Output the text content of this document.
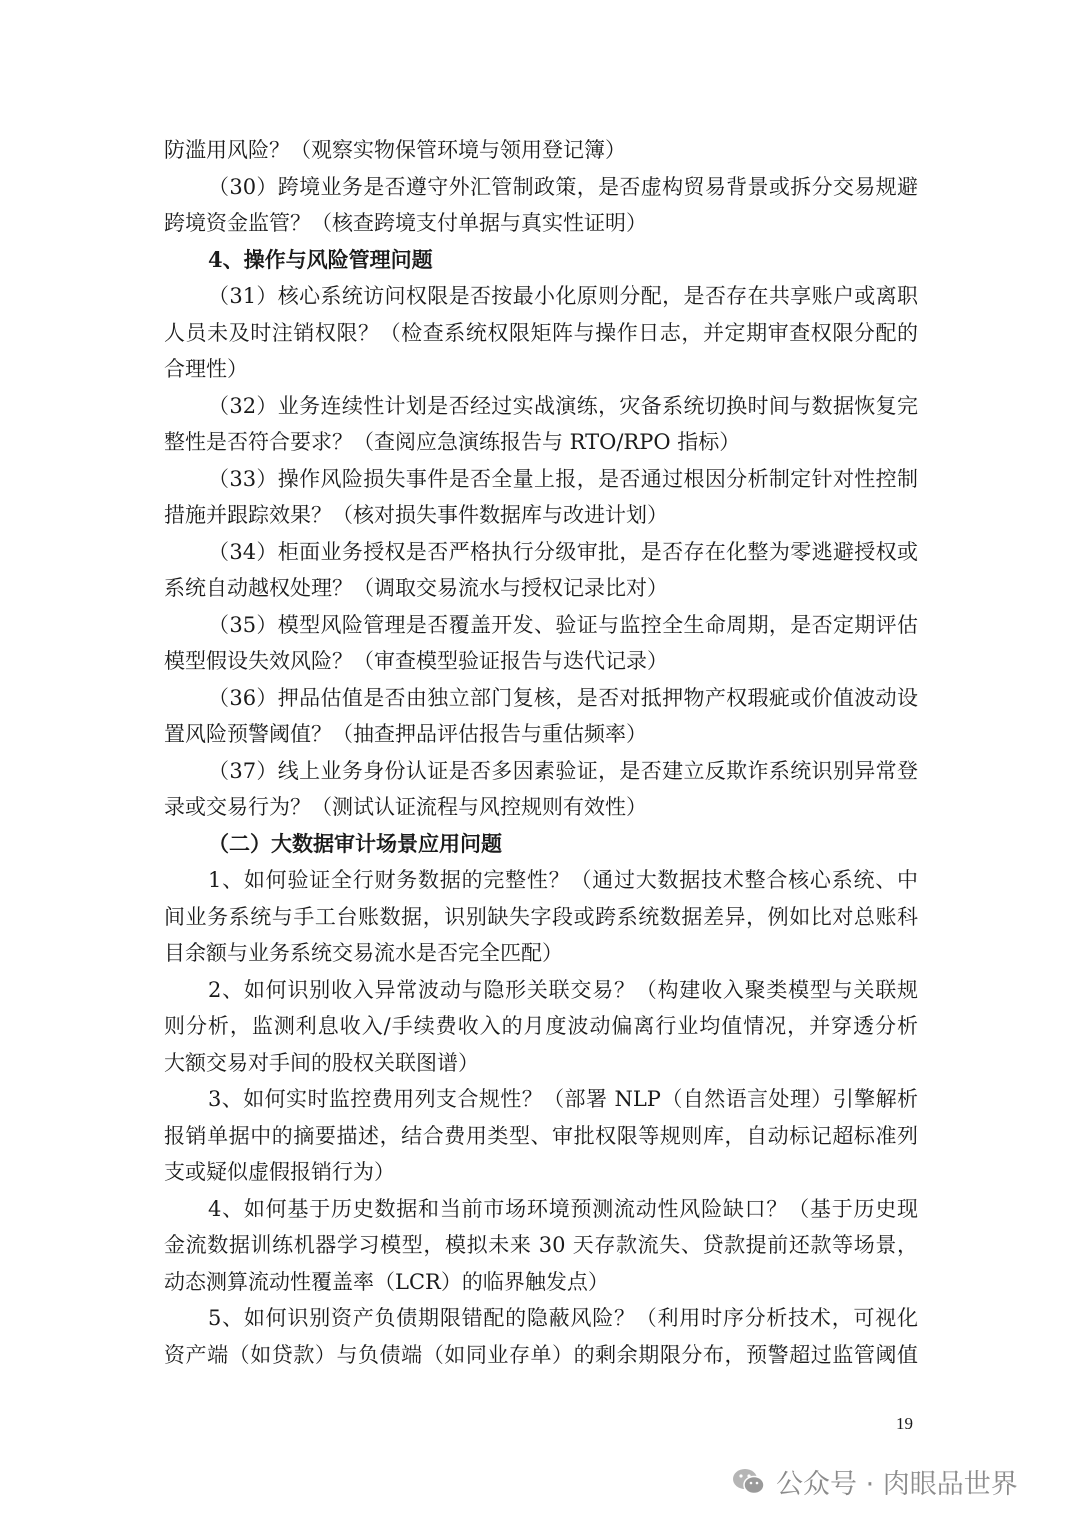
防滥用风险？（观察实物保管环境与领用登记簿）
（30）跨境业务是否遵守外汇管制政策，是否虚构贸易背景或拆分交易规避
跨境资金监管？（核查跨境支付单据与真实性证明）
4、操作与风险管理问题
（31）核心系统访问权限是否按最小化原则分配，是否存在共享账户或离职
人员未及时注销权限？（检查系统权限矩阵与操作日志，并定期审查权限分配的
合理性）
（32）业务连续性计划是否经过实战演练，灾备系统切换时间与数据恢复完
整性是否符合要求？（查阅应急演练报告与 RTO/RPO 指标）
（33）操作风险损失事件是否全量上报，是否通过根因分析制定针对性控制
措施并跟踪效果？（核对损失事件数据库与改进计划）
（34）柜面业务授权是否严格执行分级审批，是否存在化整为零逃避授权或
系统自动越权处理？（调取交易流水与授权记录比对）
（35）模型风险管理是否覆盖开发、验证与监控全生命周期，是否定期评估
模型假设失效风险？（审查模型验证报告与迭代记录）
（36）押品估值是否由独立部门复核，是否对抵押物产权瑕疵或价值波动设
置风险预警阈值？（抽查押品评估报告与重估频率）
（37）线上业务身份认证是否多因素验证，是否建立反欺诈系统识别异常登
录或交易行为？（测试认证流程与风控规则有效性）
（二）大数据审计场景应用问题
1、如何验证全行财务数据的完整性？（通过大数据技术整合核心系统、中
间业务系统与手工台账数据，识别缺失字段或跨系统数据差异，例如比对总账科
目余额与业务系统交易流水是否完全匹配）
2、如何识别收入异常波动与隐形关联交易？（构建收入聚类模型与关联规
则分析，监测利息收入/手续费收入的月度波动偏离行业均值情况，并穿透分析
大额交易对手间的股权关联图谱）
3、如何实时监控费用列支合规性？（部署 NLP（自然语言处理）引擎解析
报销单据中的摘要描述，结合费用类型、审批权限等规则库，自动标记超标准列
支或疑似虚假报销行为）
4、如何基于历史数据和当前市场环境预测流动性风险缺口？（基于历史现
金流数据训练机器学习模型，模拟未来 30 天存款流失、贷款提前还款等场景，
动态测算流动性覆盖率（LCR）的临界触发点）
5、如何识别资产负债期限错配的隐蔽风险？（利用时序分析技术，可视化
资产端（如贷款）与负债端（如同业存单）的剩余期限分布，预警超过监管阈值
19
公众号 · 肉眼品世界
